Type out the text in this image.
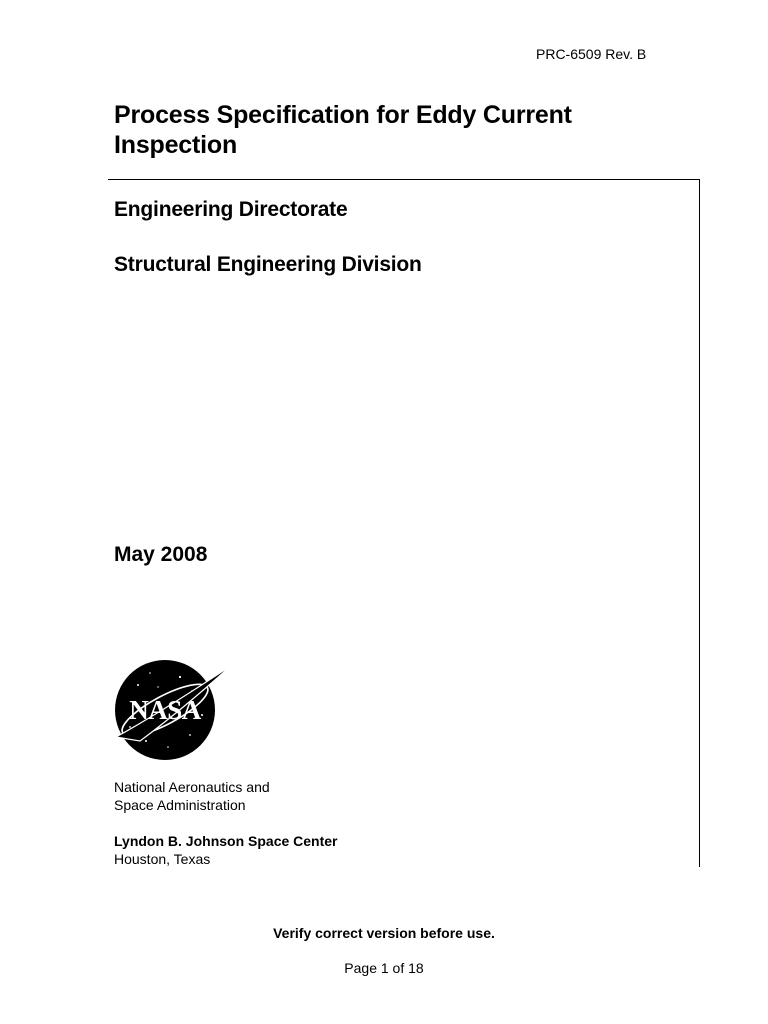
PRC-6509 Rev. B
Process Specification for Eddy Current Inspection
Engineering Directorate
Structural Engineering Division
May 2008
NASA
National Aeronautics and
Space Administration
Lyndon B. Johnson Space Center
Houston, Texas
Verify correct version before use.
Page 1 of 18
